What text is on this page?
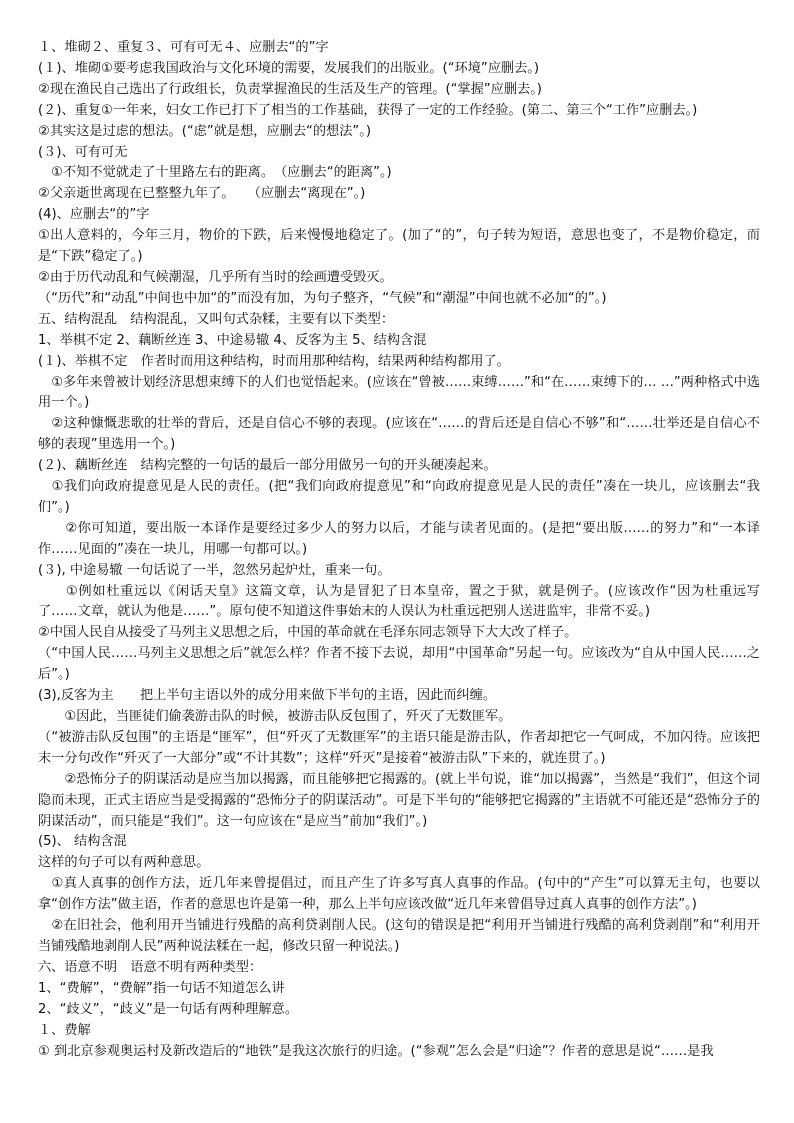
１、堆砌２、重复３、可有可无４、应删去“的”字

(１)、堆砌①要考虑我国政治与文化环境的需要，发展我们的出版业。(“环境”应删去。)

②现在渔民自己选出了行政组长，负责掌握渔民的生活及生产的管理。(“掌握”应删去。)

(２)、重复①一年来，妇女工作已打下了相当的工作基础，获得了一定的工作经验。(第二、第三个“工作”应删去。)

②其实这是过虑的想法。(“虑”就是想，应删去“的想法”。)

(３)、可有可无

　①不知不觉就走了十里路左右的距离。　（应删去“的距离”。)

②父亲逝世离现在已整整九年了。　　（应删去“离现在”。)

(4)、应删去“的”字

①出人意料的，今年三月，物价的下跌，后来慢慢地稳定了。(加了“的”，句子转为短语，意思也变了，不是物价稳定，而是“下跌”稳定了。)

②由于历代动乱和气候潮湿，几乎所有当时的绘画遭受毁灭。

（“历代”和“动乱”中间也中加“的”而没有加，为句子整齐，“气候”和“潮湿”中间也就不必加“的”。)

五、结构混乱　结构混乱，又叫句式杂糅，主要有以下类型：

1、举棋不定 2、藕断丝连 3、中途易辙 4、反客为主 5、结构含混

(１)、举棋不定　作者时而用这种结构，时而用那种结构，结果两种结构都用了。

　①多年来曾被计划经济思想束缚下的人们也觉悟起来。(应该在“曾被……束缚……”和“在……束缚下的… …”两种格式中选用一个。)

　②这种慷慨悲歌的壮举的背后，还是自信心不够的表现。(应该在“……的背后还是自信心不够”和“……壮举还是自信心不够的表现”里选用一个。)

(２)、藕断丝连　结构完整的一句话的最后一部分用做另一句的开头硬凑起来。

　①我们向政府提意见是人民的责任。(把“我们向政府提意见”和“向政府提意见是人民的责任”凑在一块儿，应该删去“我们”。)

　　②你可知道，要出版一本译作是要经过多少人的努力以后，才能与读者见面的。(是把“要出版……的努力”和“一本译作……见面的”凑在一块儿，用哪一句都可以。)

(３), 中途易辙 一句话说了一半，忽然另起炉灶，重来一句。

　　①例如杜重远以《闲话天皇》这篇文章，认为是冒犯了日本皇帝，置之于狱，就是例子。(应该改作“因为杜重远写了……文章，就认为他是……”。原句使不知道这件事始末的人误认为杜重远把别人送进监牢，非常不妥。)

②中国人民自从接受了马列主义思想之后，中国的革命就在毛泽东同志领导下大大改了样子。

（“中国人民……马列主义思想之后”就怎么样？作者不接下去说，却用“中国革命”另起一句。应该改为“自从中国人民……之后”。)

(3),反客为主　　把上半句主语以外的成分用来做下半句的主语，因此而纠缠。

　　①因此，当匪徒们偷袭游击队的时候，被游击队反包围了，歼灭了无数匪军。

（“被游击队反包围”的主语是“匪军”，但“歼灭了无数匪军”的主语只能是游击队，作者却把它一气呵成，不加闪待。应该把末一分句改作“歼灭了一大部分”或“不计其数”；这样“歼灭”是接着“被游击队”下来的，就连贯了。)

　　②恐怖分子的阴谋活动是应当加以揭露，而且能够把它揭露的。(就上半句说，谁“加以揭露”，当然是“我们”，但这个词隐而未现，正式主语应当是受揭露的“恐怖分子的阴谋活动”。可是下半句的“能够把它揭露的”主语就不可能还是“恐怖分子的阴谋活动”，而只能是“我们”。这一句应该在“是应当”前加“我们”。)

(5)、 结构含混

这样的句子可以有两种意思。

　①真人真事的创作方法，近几年来曾提倡过，而且产生了许多写真人真事的作品。(句中的“产生”可以算无主句，也要以拿“创作方法”做主语，作者的意思也许是第一种，那么上半句应该改做“近几年来曾倡导过真人真事的创作方法”。)

　②在旧社会，他利用开当铺进行残酷的高利贷剥削人民。(这句的错误是把“利用开当铺进行残酷的高利贷剥削”和“利用开当铺残酷地剥削人民”两种说法糅在一起，修改只留一种说法。)

六、语意不明　语意不明有两种类型：

1、“费解”，“费解”指一句话不知道怎么讲

2、“歧义”，“歧义”是一句话有两种理解意。

１、费解

① 到北京参观奥运村及新改造后的“地铁”是我这次旅行的归途。(“参观”怎么会是“归途”？作者的意思是说“……是我
